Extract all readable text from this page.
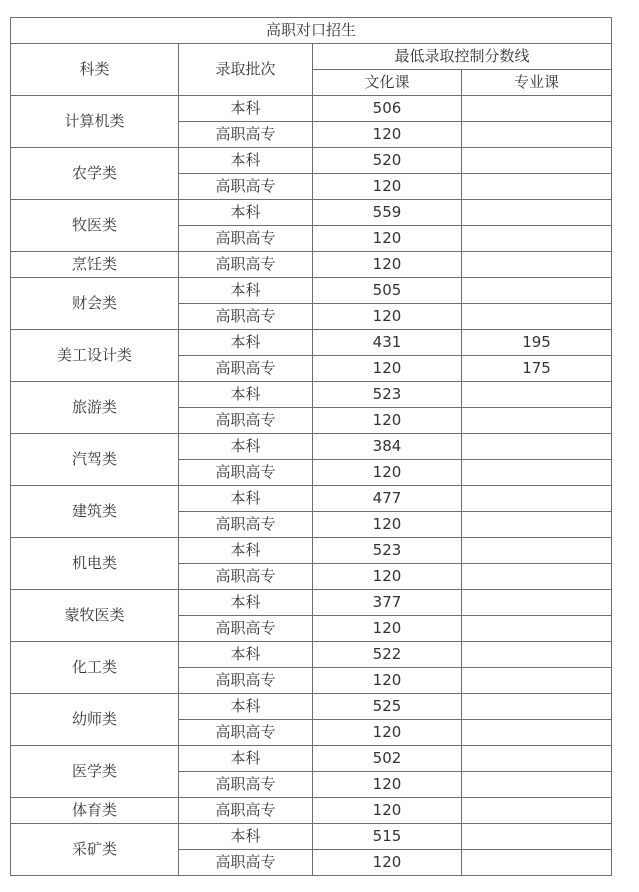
高职对口招生			
科类	录取批次	最低录取控制分数线	
		文化课	专业课
计算机类	本科	506	
	高职高专	120	
农学类	本科	520	
	高职高专	120	
牧医类	本科	559	
	高职高专	120	
烹饪类	高职高专	120	
财会类	本科	505	
	高职高专	120	
美工设计类	本科	431	195
	高职高专	120	175
旅游类	本科	523	
	高职高专	120	
汽驾类	本科	384	
	高职高专	120	
建筑类	本科	477	
	高职高专	120	
机电类	本科	523	
	高职高专	120	
蒙牧医类	本科	377	
	高职高专	120	
化工类	本科	522	
	高职高专	120	
幼师类	本科	525	
	高职高专	120	
医学类	本科	502	
	高职高专	120	
体育类	高职高专	120	
采矿类	本科	515	
	高职高专	120	
